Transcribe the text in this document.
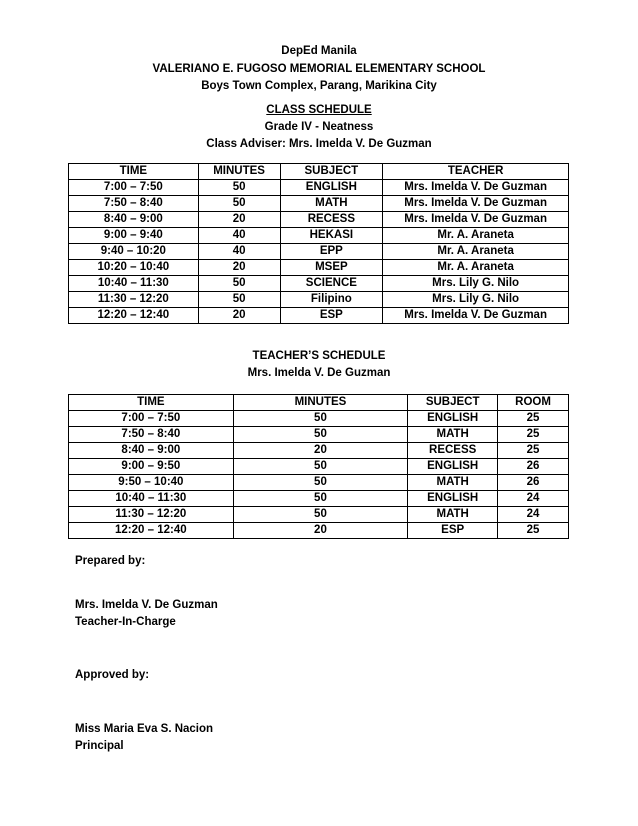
DepEd Manila
VALERIANO E. FUGOSO MEMORIAL ELEMENTARY SCHOOL
Boys Town Complex, Parang, Marikina City
CLASS SCHEDULE
Grade IV - Neatness
Class Adviser: Mrs. Imelda V. De Guzman
TIME	MINUTES	SUBJECT	TEACHER
7:00 – 7:50	50	ENGLISH	Mrs. Imelda V. De Guzman
7:50 – 8:40	50	MATH	Mrs. Imelda V. De Guzman
8:40 – 9:00	20	RECESS	Mrs. Imelda V. De Guzman
9:00 – 9:40	40	HEKASI	Mr. A. Araneta
9:40 – 10:20	40	EPP	Mr. A. Araneta
10:20 – 10:40	20	MSEP	Mr. A. Araneta
10:40 – 11:30	50	SCIENCE	Mrs. Lily G. Nilo
11:30 – 12:20	50	Filipino	Mrs. Lily G. Nilo
12:20 – 12:40	20	ESP	Mrs. Imelda V. De Guzman
TEACHER’S SCHEDULE
Mrs. Imelda V. De Guzman
TIME	MINUTES	SUBJECT	ROOM
7:00 – 7:50	50	ENGLISH	25
7:50 – 8:40	50	MATH	25
8:40 – 9:00	20	RECESS	25
9:00 – 9:50	50	ENGLISH	26
9:50 – 10:40	50	MATH	26
10:40 – 11:30	50	ENGLISH	24
11:30 – 12:20	50	MATH	24
12:20 – 12:40	20	ESP	25
Prepared by:
Mrs. Imelda V. De Guzman
Teacher-In-Charge
Approved by:
Miss Maria Eva S. Nacion
Principal
